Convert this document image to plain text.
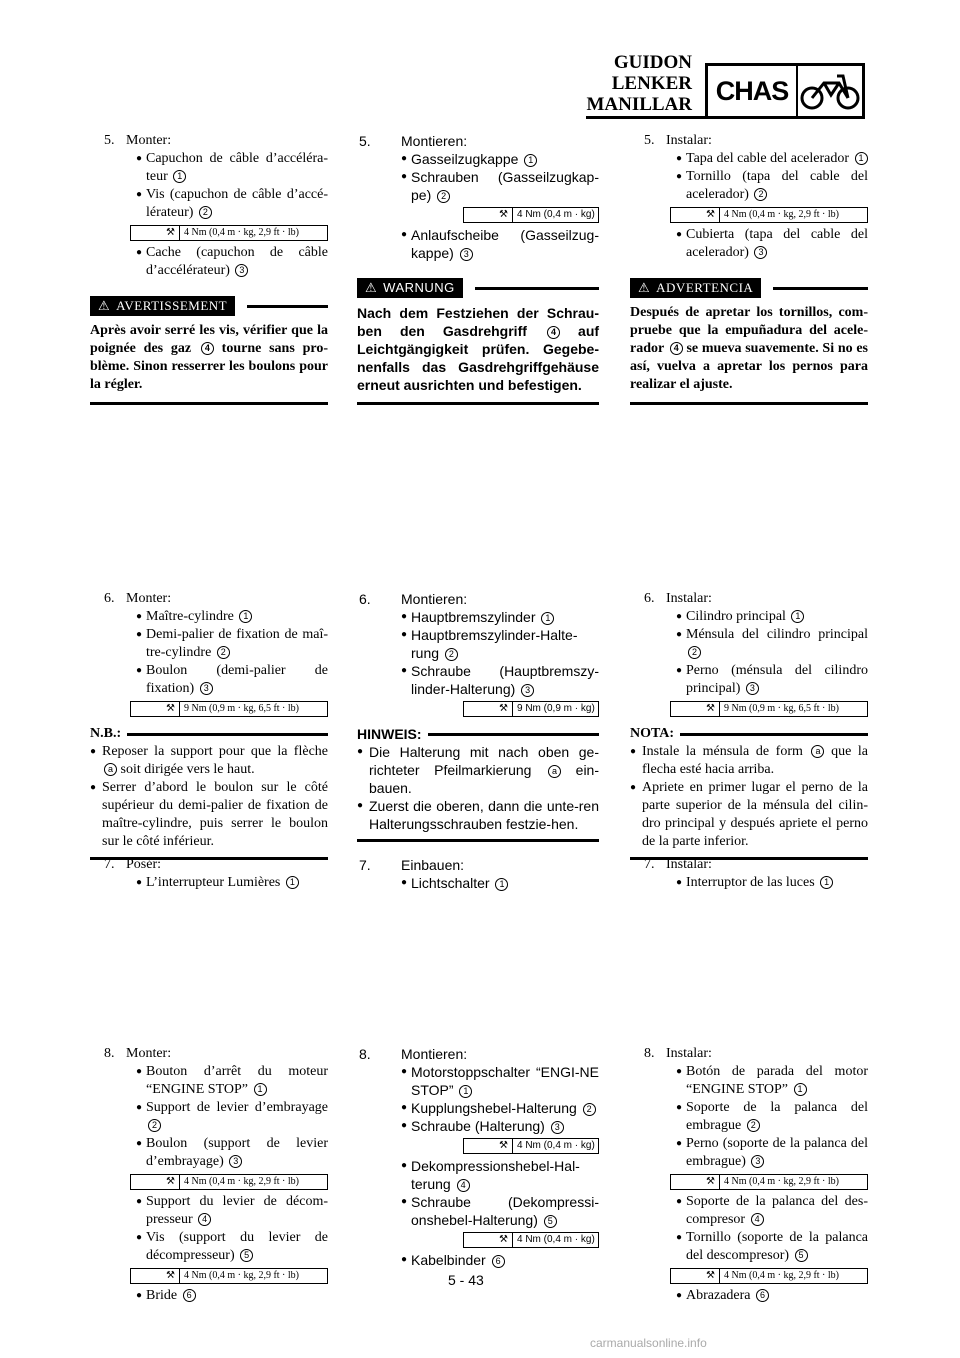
GUIDON
LENKER
MANILLAR CHAS
5. Monter:
● Capuchon de câble d’accéléra-teur 1
● Vis (capuchon de câble d’accé-lérateur) 2
⚒ 4 Nm (0,4 m · kg, 2,9 ft · lb)
● Cache (capuchon de câble d’accélérateur) 3
⚠ AVERTISSEMENT
Après avoir serré les vis, vérifier que la poignée des gaz 4 tourne sans pro-blème. Sinon resserrer les boulons pour la régler.
6. Monter:
● Maître-cylindre 1
● Demi-palier de fixation de maî-tre-cylindre 2
● Boulon (demi-palier de fixation) 3
⚒ 9 Nm (0,9 m · kg, 6,5 ft · lb)
N.B.:
● Reposer la support pour que la flèche a soit dirigée vers le haut.
● Serrer d’abord le boulon sur le côté supérieur du demi-palier de fixation de maître-cylindre, puis serrer le boulon sur le côté inférieur.
7. Posér:
● L’interrupteur Lumières 1
8. Monter:
● Bouton d’arrêt du moteur “ENGINE STOP” 1
● Support de levier d’embrayage 2
● Boulon (support de levier d’embrayage) 3
⚒ 4 Nm (0,4 m · kg, 2,9 ft · lb)
● Support du levier de décom-presseur 4
● Vis (support du levier de décompresseur) 5
⚒ 4 Nm (0,4 m · kg, 2,9 ft · lb)
● Bride 6
5.	Montieren:
● Gasseilzugkappe 1
● Schrauben (Gasseilzugkap-pe) 2
⚒ 4 Nm (0,4 m · kg)
● Anlaufscheibe (Gasseilzug-kappe) 3
⚠ WARNUNG
Nach dem Festziehen der Schrau-ben den Gasdrehgriff	4 auf Leichtgängigkeit prüfen. Gegebe-nenfalls das Gasdrehgriffgehäuse erneut ausrichten und befestigen.
6.	Montieren:
● Hauptbremszylinder 1
● Hauptbremszylinder-Halte-rung 2
● Schraube (Hauptbremszy-linder-Halterung) 3
⚒ 9 Nm (0,9 m · kg)
HINWEIS:
● Die Halterung mit nach oben ge-richteter Pfeilmarkierung a ein-bauen.
● Zuerst die oberen, dann die unte-ren Halterungsschrauben festzie-hen.
7.	Einbauen:
● Lichtschalter 1
8.	Montieren:
● Motorstoppschalter “ENGI-NE STOP” 1
● Kupplungshebel-Halterung 2
● Schraube (Halterung) 3
⚒ 4 Nm (0,4 m · kg)
● Dekompressionshebel-Hal-terung 4
● Schraube (Dekompressi-onshebel-Halterung) 5
⚒ 4 Nm (0,4 m · kg)
● Kabelbinder 6
5. Instalar:
● Tapa del cable del acelerador 1
● Tornillo (tapa del cable del acelerador) 2
⚒ 4 Nm (0,4 m · kg, 2,9 ft · lb)
● Cubierta (tapa del cable del acelerador) 3
⚠ ADVERTENCIA
Después de apretar los tornillos, com-pruebe que la empuñadura del acele-rador 4 se mueva suavemente. Si no es así, vuelva a apretar los pernos para realizar el ajuste.
6. Instalar:
● Cilindro principal 1
● Ménsula del cilindro principal 2
● Perno (ménsula del cilindro principal) 3
⚒ 9 Nm (0,9 m · kg, 6,5 ft · lb)
NOTA:
● Instale la ménsula de form a que la flecha esté hacia arriba.
● Apriete en primer lugar el perno de la parte superior de la ménsula del cilin-dro principal y después apriete el perno de la parte inferior.
7. Instalar:
● Interruptor de las luces 1
8. Instalar:
● Botón de parada del motor “ENGINE STOP” 1
● Soporte de la palanca del embrague 2
● Perno (soporte de la palanca del embrague) 3
⚒ 4 Nm (0,4 m · kg, 2,9 ft · lb)
● Soporte de la palanca del des-compresor 4
● Tornillo (soporte de la palanca del descompresor) 5
⚒ 4 Nm (0,4 m · kg, 2,9 ft · lb)
● Abrazadera 6
5 - 43
carmanualsonline.info
